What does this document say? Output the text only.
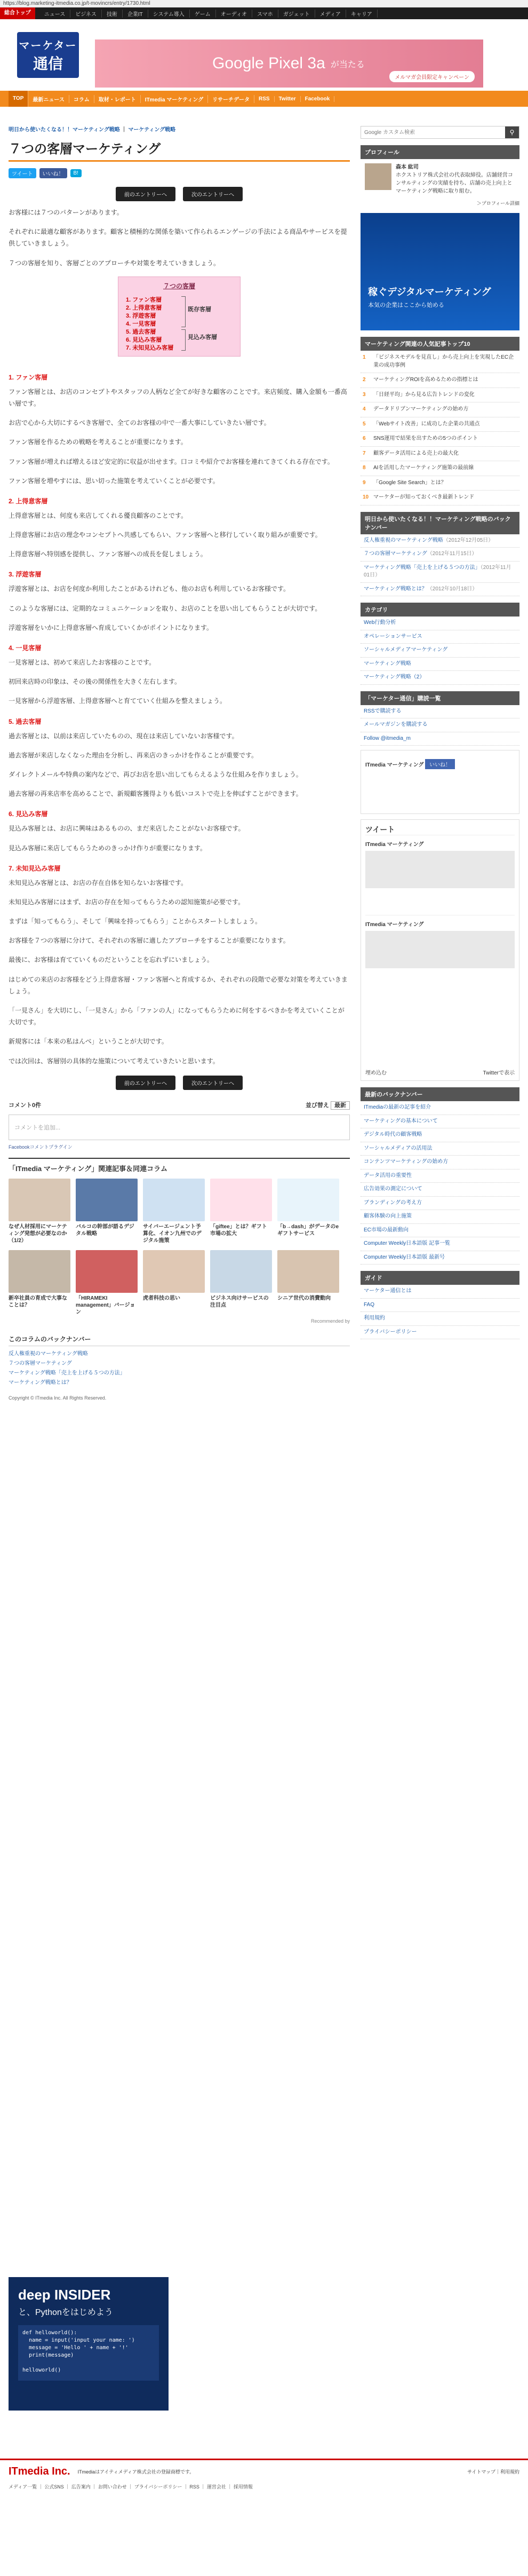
https://blog.marketing-itmedia.co.jp/t-movincrs/entry/1730.html
総合トップ	ニュース	ビジネス	技術	企業IT	システム導入	ゲーム	オーディオ	スマホ	ガジェット	メディア	キャリア
マーケター
通信	Google Pixel 3a が当たる
メルマガ会員限定キャンペーン
TOP	最新ニュース	コラム	取材・レポート	ITmedia マーケティング	リサーチデータ	RSS	Twitter	Facebook
明日から使いたくなる！！マーケティング戦略 ｜ マーケティング戦略
７つの客層マーケティング
ツイート	いいね！	B!	2012年11月15日 更新
前のエントリーへ	次のエントリーへ

お客様には７つのパターンがあります。

それぞれに最適な顧客があります。顧客と積極的な関係を築いて作られるエンゲージの手法による商品やサービスを提供していきましょう。

７つの客層を知り、客層ごとのアプローチや対策を考えていきましょう。

７つの客層
1. ファン客層
2. 上得意客層
3. 浮遊客層
4. 一見客層
5. 過去客層
6. 見込み客層
7. 未知見込み客層
既存客層
見込み客層
1. ファン客層

ファン客層とは、お店のコンセプトやスタッフの人柄など全てが好きな顧客のことです。来店頻度、購入金額も一番高い層です。

お店で心から大切にするべき客層で、全てのお客様の中で一番大事にしていきたい層です。

ファン客層を作るための戦略を考えることが重要になります。

ファン客層が増えれば増えるほど安定的に収益が出せます。口コミや紹介でお客様を連れてきてくれる存在です。

ファン客層を増やすには、思い切った施策を考えていくことが必要です。

2. 上得意客層

上得意客層とは、何度も来店してくれる優良顧客のことです。

上得意客層にお店の理念やコンセプトへ共感してもらい、ファン客層へと移行していく取り組みが重要です。

上得意客層へ特別感を提供し、ファン客層への成長を促しましょう。

3. 浮遊客層

浮遊客層とは、お店を何度か利用したことがあるけれども、他のお店も利用しているお客様です。

このような客層には、定期的なコミュニケーションを取り、お店のことを思い出してもらうことが大切です。

浮遊客層をいかに上得意客層へ育成していくかがポイントになります。

4. 一見客層

一見客層とは、初めて来店したお客様のことです。

初回来店時の印象は、その後の関係性を大きく左右します。

一見客層から浮遊客層、上得意客層へと育てていく仕組みを整えましょう。

5. 過去客層

過去客層とは、以前は来店していたものの、現在は来店していないお客様です。

過去客層が来店しなくなった理由を分析し、再来店のきっかけを作ることが重要です。

ダイレクトメールや特典の案内などで、再びお店を思い出してもらえるような仕組みを作りましょう。

過去客層の再来店率を高めることで、新規顧客獲得よりも低いコストで売上を伸ばすことができます。

6. 見込み客層

見込み客層とは、お店に興味はあるものの、まだ来店したことがないお客様です。

見込み客層に来店してもらうためのきっかけ作りが重要になります。

7. 未知見込み客層

未知見込み客層とは、お店の存在自体を知らないお客様です。

未知見込み客層にはまず、お店の存在を知ってもらうための認知施策が必要です。

まずは「知ってもらう」、そして「興味を持ってもらう」ことからスタートしましょう。

お客様を７つの客層に分けて、それぞれの客層に適したアプローチをすることが重要になります。

最後に、お客様は育てていくものだということを忘れずにいましょう。

はじめての来店のお客様をどう上得意客層・ファン客層へと育成するか、それぞれの段階で必要な対策を考えていきましょう。

「一見さん」を大切にし、「一見さん」から「ファンの人」になってもらうために何をするべきかを考えていくことが大切です。

新規客には「本来の私はんべ」ということが大切です。

では次回は、客層別の具体的な施策について考えていきたいと思います。

前のエントリーへ	次のエントリーへ
コメント0件	並び替え 最新
コメントを追加...
Facebookコメントプラグイン
「ITmedia マーケティング」関連記事＆同連コラム
なぜ人材採用にマーケティング発想が必要なのか（1/2）
バルコの幹部が語るデジタル戦略
サイバーエージェント予算化、イオン九州でのデジタル施策
「giftee」とは？ギフト市場の拡大
「b→dash」がデータのeギフトサービス
新卒社員の育成で大事なことは？
「HIRAMEKI management」バージョン
虎者科技の思い	ビジネス向けサービスの注目点
シニア世代の消費動向
Recommended by
このコラムのバックナンバー
反人権重視のマーケティング戦略
７つの客層マーケティング
マーケティング戦略「売上を上げる５つの方法」
マーケティング戦略とは？
Copyright © ITmedia Inc. All Rights Reserved.
Google カスタム検索
⚲
プロフィール
森本 紘司
ホクストリア株式会社の代表取締役。店舗経営コンサルティングの実績を持ち、店舗の売上向上とマーケティング戦略に取り組む。
＞プロフィール詳細
稼ぐデジタルマーケティング
本気の企業はここから始める
マーケティング関連の人気記事トップ10
1	「ビジネスモデルを見直し」から売上向上を実現したEC企業の成功事例
2	マーケティングROIを高めるための指標とは
3	「日経平均」から見る広告トレンドの変化
4	データドリブンマーケティングの始め方
5	「Webサイト改善」に成功した企業の共通点
6	SNS運用で結果を出すための5つのポイント
7	顧客データ活用による売上の最大化
8	AIを活用したマーケティング施策の最前線
9	「Google Site Search」とは？
10 マーケターが知っておくべき最新トレンド
明日から使いたくなる！！マーケティング戦略のバックナンバー
反人権重視のマーケティング戦略（2012年12月05日）
７つの客層マーケティング（2012年11月15日）
マーケティング戦略「売上を上げる５つの方法」（2012年11月01日）
マーケティング戦略とは？（2012年10月18日）
カテゴリ
Web行動分析
オペレーションサービス
ソーシャルメディアマーケティング
マーケティング戦略
マーケティング戦略（2）
「マーケター通信」購読一覧
RSSで購読する
メールマガジンを購読する
Follow @itmedia_m
ITmedia マーケティング いいね！
ツイート
ITmedia マーケティング
ITmedia マーケティング
埋め込む	Twitterで表示
最新のバックナンバー
ITmediaの最新の記事を紹介
マーケティングの基本について
デジタル時代の顧客戦略
ソーシャルメディアの活用法
コンテンツマーケティングの始め方
データ活用の重要性
広告効果の測定について
ブランディングの考え方
顧客体験の向上施策
EC市場の最新動向
Computer Weekly日本語版 記事一覧
Computer Weekly日本語版 最新号
ガイド
マーケター通信とは
FAQ
利用規約
プライバシーポリシー
deep INSIDER
と、Pythonをはじめよう
def helloworld():
name = input('input your name: ')
message = 'Hello ' + name + '!'
print(message)

helloworld()
ITmedia Inc. ITmediaはアイティメディア株式会社の登録商標です。	サイトマップ｜利用規約
メディア一覧 ｜ 公式SNS ｜ 広告案内 ｜ お問い合わせ ｜ プライバシーポリシー ｜ RSS ｜ 運営会社 ｜ 採用情報
